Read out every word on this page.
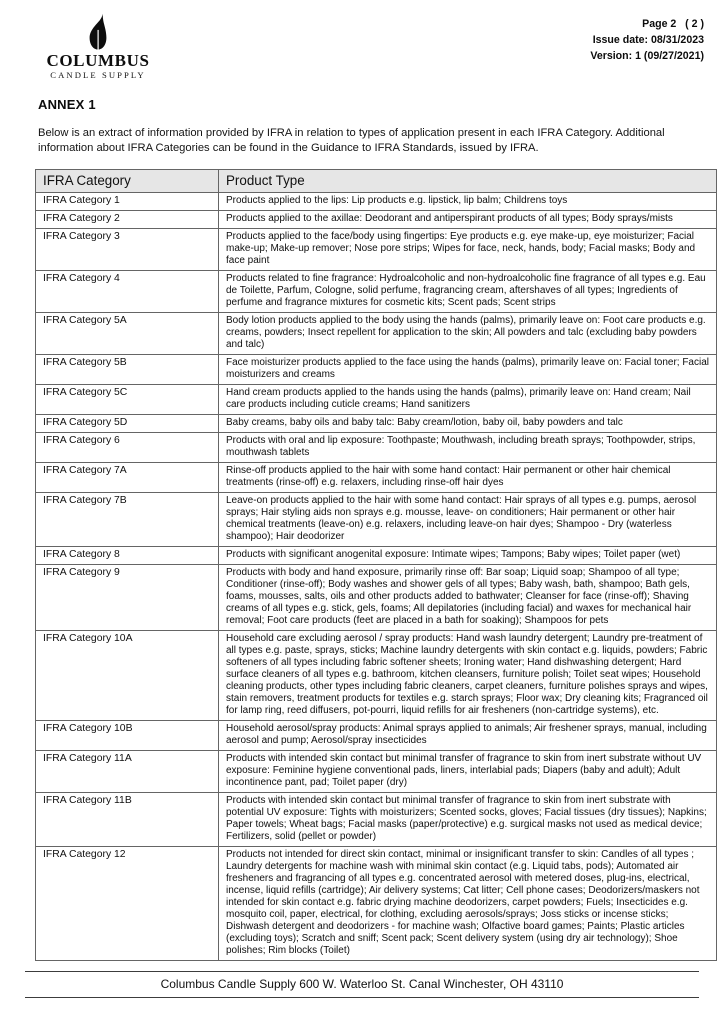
COLUMBUS
CANDLE SUPPLY
Page 2   ( 2 )
Issue date: 08/31/2023
Version: 1 (09/27/2021)
ANNEX 1

Below is an extract of information provided by IFRA in relation to types of application present in each IFRA Category. Additional information about IFRA Categories can be found in the Guidance to IFRA Standards, issued by IFRA.

IFRA Category	Product Type
IFRA Category 1	Products applied to the lips: Lip products e.g. lipstick, lip balm; Childrens toys
IFRA Category 2	Products applied to the axillae: Deodorant and antiperspirant products of all types; Body sprays/mists
IFRA Category 3	Products applied to the face/body using fingertips: Eye products e.g. eye make-up, eye moisturizer; Facial make-up; Make-up remover; Nose pore strips; Wipes for face, neck, hands, body; Facial masks; Body and face paint
IFRA Category 4	Products related to fine fragrance: Hydroalcoholic and non-hydroalcoholic fine fragrance of all types e.g. Eau de Toilette, Parfum, Cologne, solid perfume, fragrancing cream, aftershaves of all types; Ingredients of perfume and fragrance mixtures for cosmetic kits; Scent pads; Scent strips
IFRA Category 5A	Body lotion products applied to the body using the hands (palms), primarily leave on: Foot care products e.g. creams, powders; Insect repellent for application to the skin; All powders and talc (excluding baby powders and talc)
IFRA Category 5B	Face moisturizer products applied to the face using the hands (palms), primarily leave on: Facial toner; Facial moisturizers and creams
IFRA Category 5C	Hand cream products applied to the hands using the hands (palms), primarily leave on: Hand cream; Nail care products including cuticle creams; Hand sanitizers
IFRA Category 5D	Baby creams, baby oils and baby talc: Baby cream/lotion, baby oil, baby powders and talc
IFRA Category 6	Products with oral and lip exposure: Toothpaste; Mouthwash, including breath sprays; Toothpowder, strips, mouthwash tablets
IFRA Category 7A	Rinse-off products applied to the hair with some hand contact: Hair permanent or other hair chemical treatments (rinse-off) e.g. relaxers, including rinse-off hair dyes
IFRA Category 7B	Leave-on products applied to the hair with some hand contact: Hair sprays of all types e.g. pumps, aerosol sprays; Hair styling aids non sprays e.g. mousse, leave- on conditioners; Hair permanent or other hair chemical treatments (leave-on) e.g. relaxers, including leave-on hair dyes; Shampoo - Dry (waterless shampoo); Hair deodorizer
IFRA Category 8	Products with significant anogenital exposure: Intimate wipes; Tampons; Baby wipes; Toilet paper (wet)
IFRA Category 9	Products with body and hand exposure, primarily rinse off: Bar soap; Liquid soap; Shampoo of all type; Conditioner (rinse-off); Body washes and shower gels of all types; Baby wash, bath, shampoo; Bath gels, foams, mousses, salts, oils and other products added to bathwater; Cleanser for face (rinse-off); Shaving creams of all types e.g. stick, gels, foams; All depilatories (including facial) and waxes for mechanical hair removal; Foot care products (feet are placed in a bath for soaking); Shampoos for pets
IFRA Category 10A	Household care excluding aerosol / spray products: Hand wash laundry detergent; Laundry pre-treatment of all types e.g. paste, sprays, sticks; Machine laundry detergents with skin contact e.g. liquids, powders; Fabric softeners of all types including fabric softener sheets; Ironing water; Hand dishwashing detergent; Hard surface cleaners of all types e.g. bathroom, kitchen cleansers, furniture polish; Toilet seat wipes; Household cleaning products, other types including fabric cleaners, carpet cleaners, furniture polishes sprays and wipes, stain removers, treatment products for textiles e.g. starch sprays; Floor wax; Dry cleaning kits; Fragranced oil for lamp ring, reed diffusers, pot-pourri, liquid refills for air fresheners (non-cartridge systems), etc.
IFRA Category 10B	Household aerosol/spray products: Animal sprays applied to animals; Air freshener sprays, manual, including aerosol and pump; Aerosol/spray insecticides
IFRA Category 11A	Products with intended skin contact but minimal transfer of fragrance to skin from inert substrate without UV exposure: Feminine hygiene conventional pads, liners, interlabial pads; Diapers (baby and adult); Adult incontinence pant, pad; Toilet paper (dry)
IFRA Category 11B	Products with intended skin contact but minimal transfer of fragrance to skin from inert substrate with potential UV exposure: Tights with moisturizers; Scented socks, gloves; Facial tissues (dry tissues); Napkins; Paper towels; Wheat bags; Facial masks (paper/protective) e.g. surgical masks not used as medical device; Fertilizers, solid (pellet or powder)
IFRA Category 12	Products not intended for direct skin contact, minimal or insignificant transfer to skin: Candles of all types ; Laundry detergents for machine wash with minimal skin contact (e.g. Liquid tabs, pods); Automated air fresheners and fragrancing of all types e.g. concentrated aerosol with metered doses, plug-ins, electrical, incense, liquid refills (cartridge); Air delivery systems; Cat litter; Cell phone cases; Deodorizers/maskers not intended for skin contact e.g. fabric drying machine deodorizers, carpet powders; Fuels; Insecticides e.g. mosquito coil, paper, electrical, for clothing, excluding aerosols/sprays; Joss sticks or incense sticks; Dishwash detergent and deodorizers - for machine wash; Olfactive board games; Paints; Plastic articles (excluding toys); Scratch and sniff; Scent pack; Scent delivery system (using dry air technology); Shoe polishes; Rim blocks (Toilet)
Columbus Candle Supply 600 W. Waterloo St. Canal Winchester, OH 43110
